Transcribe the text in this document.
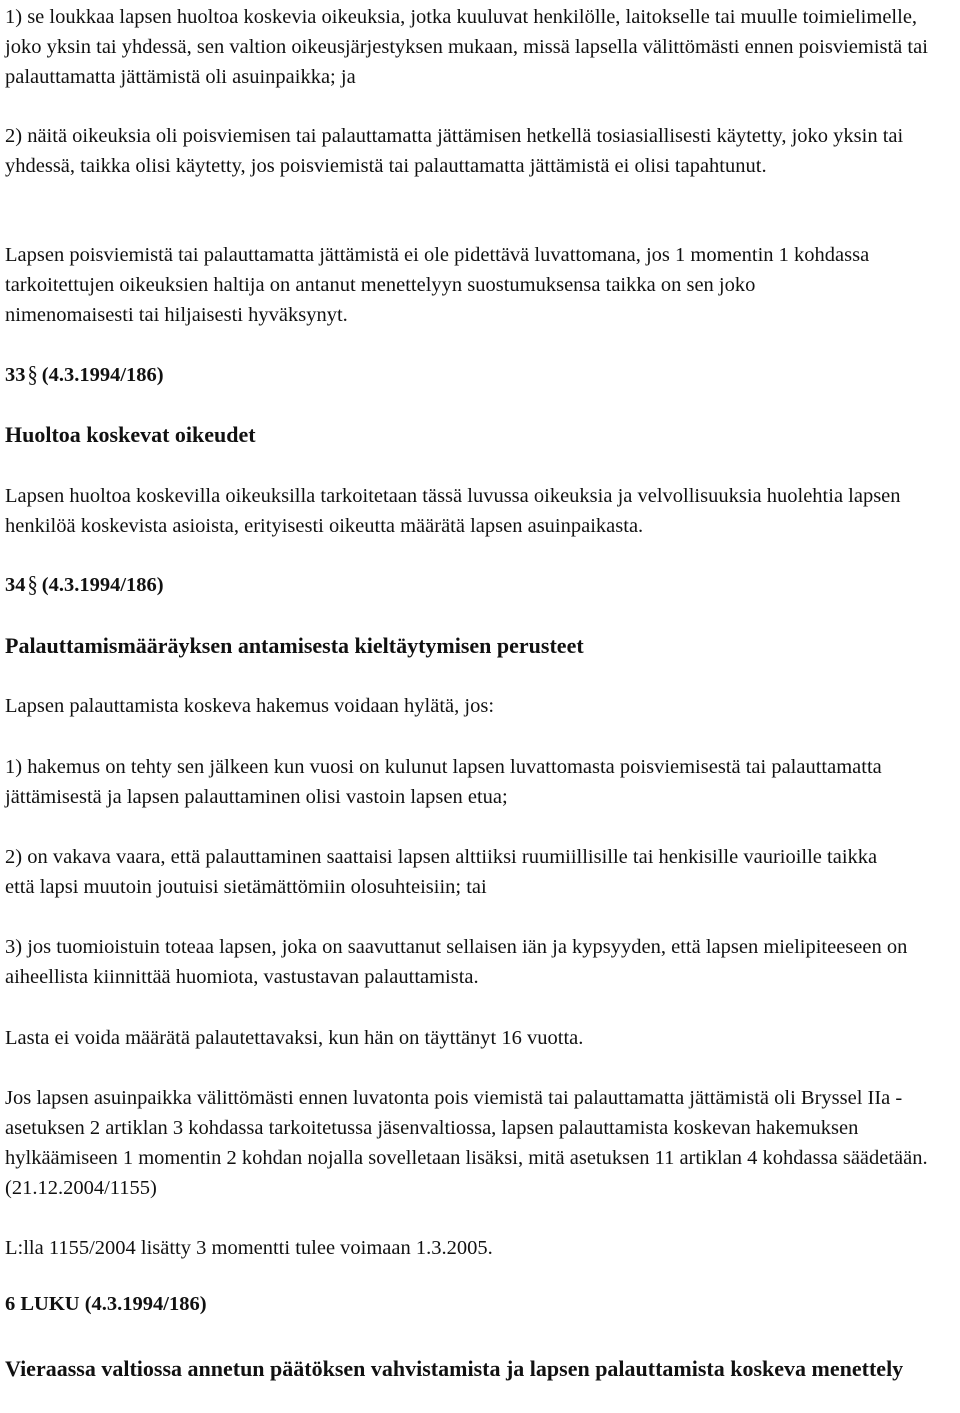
1) se loukkaa lapsen huoltoa koskevia oikeuksia, jotka kuuluvat henkilölle, laitokselle tai muulle toimielimelle, joko yksin tai yhdessä, sen valtion oikeusjärjestyksen mukaan, missä lapsella välittömästi ennen poisviemistä tai palauttamatta jättämistä oli asuinpaikka; ja

2) näitä oikeuksia oli poisviemisen tai palauttamatta jättämisen hetkellä tosiasiallisesti käytetty, joko yksin tai yhdessä, taikka olisi käytetty, jos poisviemistä tai palauttamatta jättämistä ei olisi tapahtunut.

Lapsen poisviemistä tai palauttamatta jättämistä ei ole pidettävä luvattomana, jos 1 momentin 1 kohdassa tarkoitettujen oikeuksien haltija on antanut menettelyyn suostumuksensa taikka on sen joko nimenomaisesti tai hiljaisesti hyväksynyt.

33§ (4.3.1994/186)
Huoltoa koskevat oikeudet

Lapsen huoltoa koskevilla oikeuksilla tarkoitetaan tässä luvussa oikeuksia ja velvollisuuksia huolehtia lapsen henkilöä koskevista asioista, erityisesti oikeutta määrätä lapsen asuinpaikasta.

34§ (4.3.1994/186)
Palauttamismääräyksen antamisesta kieltäytymisen perusteet

Lapsen palauttamista koskeva hakemus voidaan hylätä, jos:

1) hakemus on tehty sen jälkeen kun vuosi on kulunut lapsen luvattomasta poisviemisestä tai palauttamatta jättämisestä ja lapsen palauttaminen olisi vastoin lapsen etua;

2) on vakava vaara, että palauttaminen saattaisi lapsen alttiiksi ruumiillisille tai henkisille vaurioille taikka että lapsi muutoin joutuisi sietämättömiin olosuhteisiin; tai

3) jos tuomioistuin toteaa lapsen, joka on saavuttanut sellaisen iän ja kypsyyden, että lapsen mielipiteeseen on aiheellista kiinnittää huomiota, vastustavan palauttamista.

Lasta ei voida määrätä palautettavaksi, kun hän on täyttänyt 16 vuotta.

Jos lapsen asuinpaikka välittömästi ennen luvatonta pois viemistä tai palauttamatta jättämistä oli Bryssel IIa -asetuksen 2 artiklan 3 kohdassa tarkoitetussa jäsenvaltiossa, lapsen palauttamista koskevan hakemuksen hylkäämiseen 1 momentin 2 kohdan nojalla sovelletaan lisäksi, mitä asetuksen 11 artiklan 4 kohdassa säädetään. (21.12.2004/1155)

L:lla 1155/2004 lisätty 3 momentti tulee voimaan 1.3.2005.

6 LUKU (4.3.1994/186)
Vieraassa valtiossa annetun päätöksen vahvistamista ja lapsen palauttamista koskeva menettely
